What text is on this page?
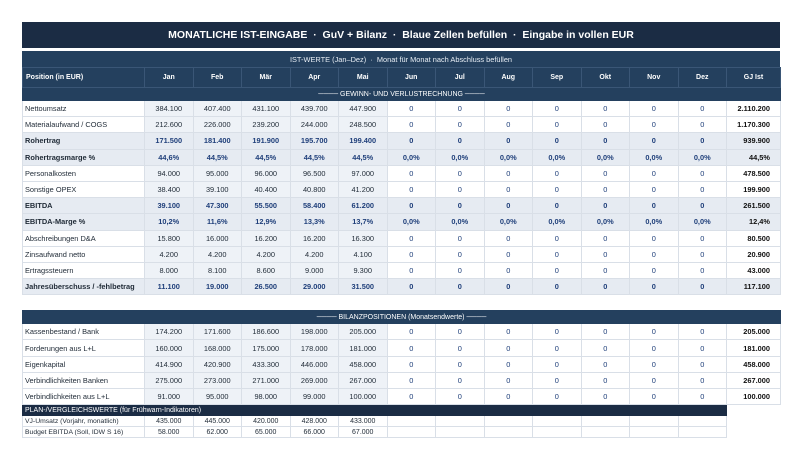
MONATLICHE IST-EINGABE  ·  GuV + Bilanz  ·  Blaue Zellen befüllen  ·  Eingabe in vollen EUR
IST-WERTE (Jan–Dez)  ·  Monat für Monat nach Abschluss befüllen
Position (in EUR)	Jan	Feb	Mär	Apr	Mai	Jun	Jul	Aug	Sep	Okt	Nov	Dez	GJ Ist
──── GEWINN- UND VERLUSTRECHNUNG ────													
Nettoumsatz	384.100	407.400	431.100	439.700	447.900	0	0	0	0	0	0	0	2.110.200
Materialaufwand / COGS	212.600	226.000	239.200	244.000	248.500	0	0	0	0	0	0	0	1.170.300
Rohertrag	171.500	181.400	191.900	195.700	199.400	0	0	0	0	0	0	0	939.900
Rohertragsmarge %	44,6%	44,5%	44,5%	44,5%	44,5%	0,0%	0,0%	0,0%	0,0%	0,0%	0,0%	0,0%	44,5%
Personalkosten	94.000	95.000	96.000	96.500	97.000	0	0	0	0	0	0	0	478.500
Sonstige OPEX	38.400	39.100	40.400	40.800	41.200	0	0	0	0	0	0	0	199.900
EBITDA	39.100	47.300	55.500	58.400	61.200	0	0	0	0	0	0	0	261.500
EBITDA-Marge %	10,2%	11,6%	12,9%	13,3%	13,7%	0,0%	0,0%	0,0%	0,0%	0,0%	0,0%	0,0%	12,4%
Abschreibungen D&A	15.800	16.000	16.200	16.200	16.300	0	0	0	0	0	0	0	80.500
Zinsaufwand netto	4.200	4.200	4.200	4.200	4.100	0	0	0	0	0	0	0	20.900
Ertragssteuern	8.000	8.100	8.600	9.000	9.300	0	0	0	0	0	0	0	43.000
Jahresüberschuss / -fehlbetrag	11.100	19.000	26.500	29.000	31.500	0	0	0	0	0	0	0	117.100

──── BILANZPOSITIONEN (Monatsendwerte) ────													
Kassenbestand / Bank	174.200	171.600	186.600	198.000	205.000	0	0	0	0	0	0	0	205.000
Forderungen aus L+L	160.000	168.000	175.000	178.000	181.000	0	0	0	0	0	0	0	181.000
Eigenkapital	414.900	420.900	433.300	446.000	458.000	0	0	0	0	0	0	0	458.000
Verbindlichkeiten Banken	275.000	273.000	271.000	269.000	267.000	0	0	0	0	0	0	0	267.000
Verbindlichkeiten aus L+L	91.000	95.000	98.000	99.000	100.000	0	0	0	0	0	0	0	100.000
PLAN-/VERGLEICHSWERTE (für Frühwarn-Indikatoren)													
VJ-Umsatz (Vorjahr, monatlich)	435.000	445.000	420.000	428.000	433.000								
Budget EBITDA (Soll, IDW S 16)	58.000	62.000	65.000	66.000	67.000								
